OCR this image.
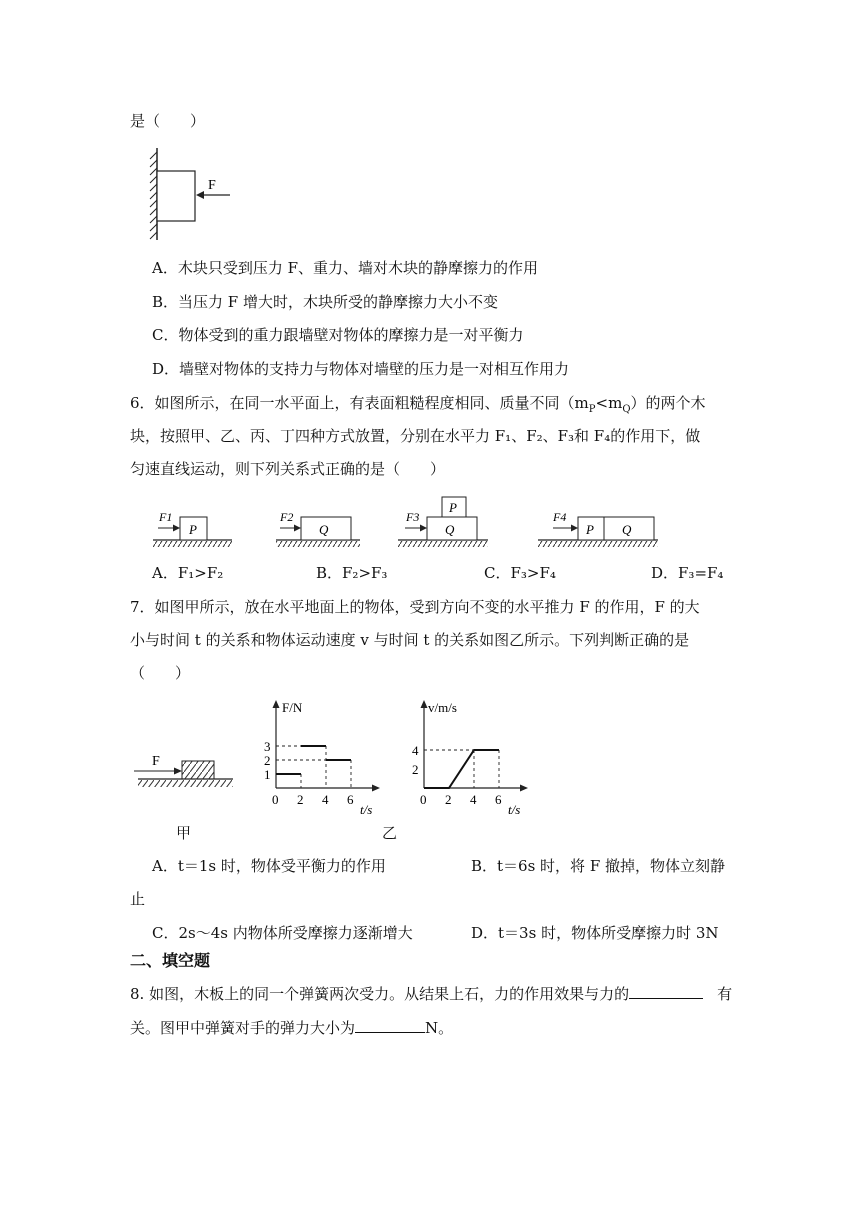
是（　　）
F
A．木块只受到压力 F、重力、墙对木块的静摩擦力的作用
B．当压力 F 增大时，木块所受的静摩擦力大小不变
C．物体受到的重力跟墙壁对物体的摩擦力是一对平衡力
D．墙壁对物体的支持力与物体对墙壁的压力是一对相互作用力
6．如图所示，在同一水平面上，有表面粗糙程度相同、质量不同$(m_P<m_Q)$的两个木
块，按照甲、乙、丙、丁四种方式放置，分别在水平力 F₁、F₂、F₃和 F₄的作用下，做
匀速直线运动，则下列关系式正确的是（　　）
P
F1
Q
F2
Q
P
F3
P Q
F4
A．F₁>F₂	B．F₂>F₃	C．F₃>F₄	D．F₃=F₄
7．如图甲所示，放在水平地面上的物体，受到方向不变的水平推力 F 的作用，F 的大
小与时间 t 的关系和物体运动速度 v 与时间 t 的关系如图乙所示。下列判断正确的是
（　　）
F
甲
t/s
F/N
0 2 4 6
1
2
3
t/s
v/m/s
0 2 4 6
2
4
乙
A．t＝1s 时，物体受平衡力的作用	B．t＝6s 时，将 F 撤掉，物体立刻静
止
C．2s～4s 内物体所受摩擦力逐渐增大	D．t＝3s 时，物体所受摩擦力时 3N
二、填空题
8. 如图，木板上的同一个弹簧两次受力。从结果上石，力的作用效果与力的	有
关。图甲中弹簧对手的弹力大小为	N。
